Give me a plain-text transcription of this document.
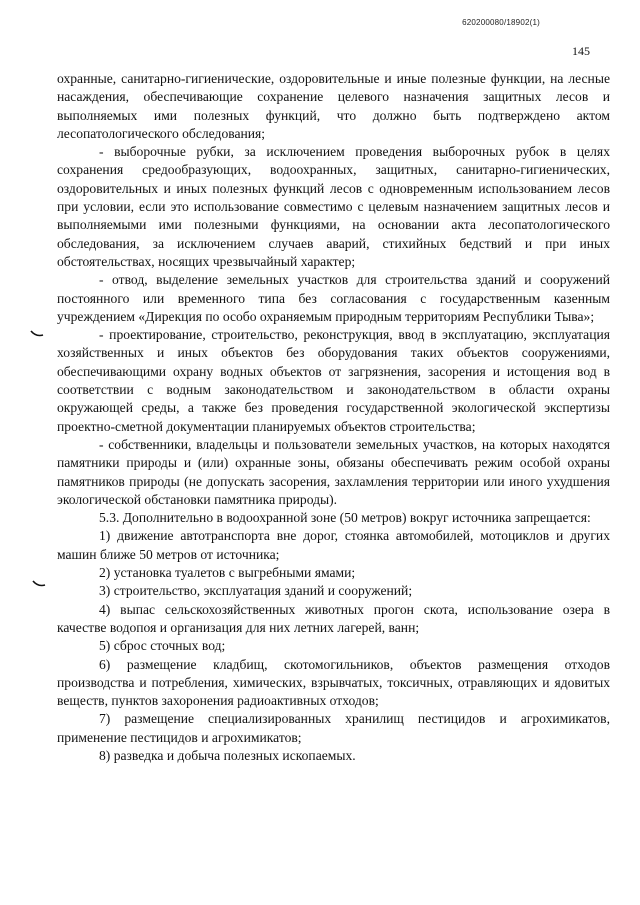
620200080/18902(1)
145

охранные, санитарно-гигиенические, оздоровительные и иные полезные функции, на лесные насаждения, обеспечивающие сохранение целевого назначения защитных лесов и выполняемых ими полезных функций, что должно быть подтверждено актом лесопатологического обследования;

- выборочные рубки, за исключением проведения выборочных рубок в целях сохранения средообразующих, водоохранных, защитных, санитарно-гигиенических, оздоровительных и иных полезных функций лесов с одновременным использованием лесов при условии, если это использование совместимо с целевым назначением защитных лесов и выполняемыми ими полезными функциями, на основании акта лесопатологического обследования, за исключением случаев аварий, стихийных бедствий и при иных обстоятельствах, носящих чрезвычайный характер;

- отвод, выделение земельных участков для строительства зданий и сооружений постоянного или временного типа без согласования с государственным казенным учреждением «Дирекция по особо охраняемым природным территориям Республики Тыва»;

- проектирование, строительство, реконструкция, ввод в эксплуатацию, эксплуатация хозяйственных и иных объектов без оборудования таких объектов сооружениями, обеспечивающими охрану водных объектов от загрязнения, засорения и истощения вод в соответствии с водным законодательством и законодательством в области охраны окружающей среды, а также без проведения государственной экологической экспертизы проектно-сметной документации планируемых объектов строительства;

- собственники, владельцы и пользователи земельных участков, на которых находятся памятники природы и (или) охранные зоны, обязаны обеспечивать режим особой охраны памятников природы (не допускать засорения, захламления территории или иного ухудшения экологической обстановки памятника природы).

5.3. Дополнительно в водоохранной зоне (50 метров) вокруг источника запрещается:

1) движение автотранспорта вне дорог, стоянка автомобилей, мотоциклов и других машин ближе 50 метров от источника;

2) установка туалетов с выгребными ямами;

3) строительство, эксплуатация зданий и сооружений;

4) выпас сельскохозяйственных животных прогон скота, использование озера в качестве водопоя и организация для них летних лагерей, ванн;

5) сброс сточных вод;

6) размещение кладбищ, скотомогильников, объектов размещения отходов производства и потребления, химических, взрывчатых, токсичных, отравляющих и ядовитых веществ, пунктов захоронения радиоактивных отходов;

7) размещение специализированных хранилищ пестицидов и агрохимикатов, применение пестицидов и агрохимикатов;

8) разведка и добыча полезных ископаемых.
